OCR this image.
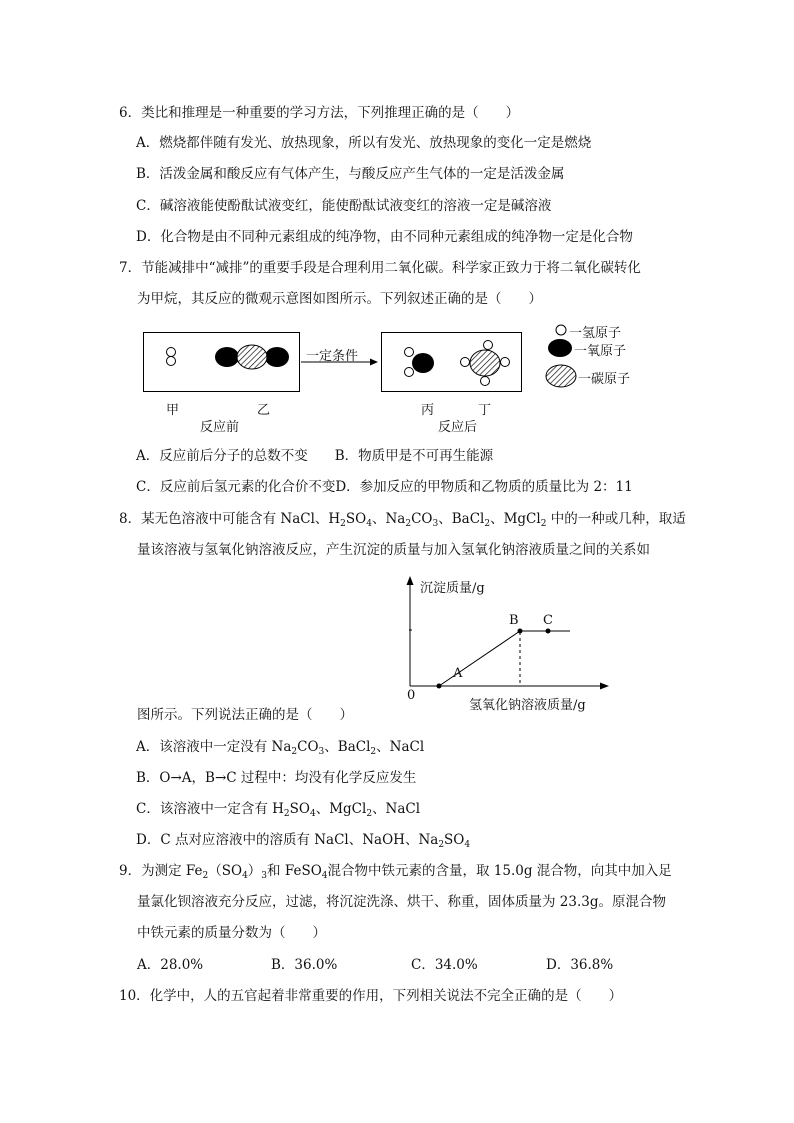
6．类比和推理是一种重要的学习方法，下列推理正确的是（　　）
A．燃烧都伴随有发光、放热现象，所以有发光、放热现象的变化一定是燃烧
B．活泼金属和酸反应有气体产生，与酸反应产生气体的一定是活泼金属
C．碱溶液能使酚酞试液变红，能使酚酞试液变红的溶液一定是碱溶液
D．化合物是由不同种元素组成的纯净物，由不同种元素组成的纯净物一定是化合物
7．节能减排中“减排”的重要手段是合理利用二氧化碳。科学家正致力于将二氧化碳转化
为甲烷，其反应的微观示意图如图所示。下列叙述正确的是（　　）
一定条件
一氢原子
一氧原子
一碳原子
甲	乙
反应前
丙	丁
反应后
A．反应前后分子的总数不变　　B．物质甲是不可再生能源
C．反应前后氢元素的化合价不变D．参加反应的甲物质和乙物质的质量比为 2：11
8．某无色溶液中可能含有 NaCl、$H_2SO_4$、$Na_2CO_3$、BaCl$_2$、MgCl$_2$ 中的一种或几种，取适
量该溶液与氢氧化钠溶液反应，产生沉淀的质量与加入氢氧化钠溶液质量之间的关系如
沉淀质量/g
0
A
B C
氢氧化钠溶液质量/g
图所示。下列说法正确的是（　　）
A．该溶液中一定没有 $Na_2CO_3$、BaCl$_2$、NaCl
B．O→A，B→C 过程中：均没有化学反应发生
C．该溶液中一定含有 $H_2SO_4$、MgCl$_2$、NaCl
D．C 点对应溶液中的溶质有 NaCl、NaOH、$Na_2SO_4$
9．为测定 $Fe_2(SO_4)_3$和 FeSO$_4$混合物中铁元素的含量，取 15.0g 混合物，向其中加入足
量氯化钡溶液充分反应，过滤，将沉淀洗涤、烘干、称重，固体质量为 23.3g。原混合物
中铁元素的质量分数为（　　）
A．28.0%	B．36.0%	C．34.0%	D．36.8%
10．化学中，人的五官起着非常重要的作用，下列相关说法不完全正确的是（　　）
